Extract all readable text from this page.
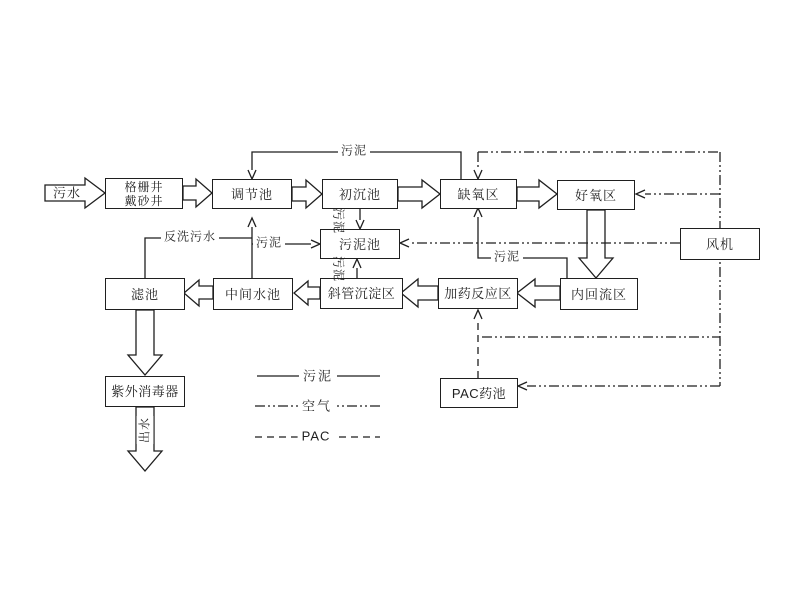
格栅井
戴砂井	调节池	初沉池	缺氧区	好氧区
风机
污泥池
滤池	中间水池	斜管沉淀区	加药反应区	内回流区
紫外消毒器	PAC药池
污水
反洗污水
污泥
污泥
污泥
污泥
污泥
出水
污泥
空气
PAC
